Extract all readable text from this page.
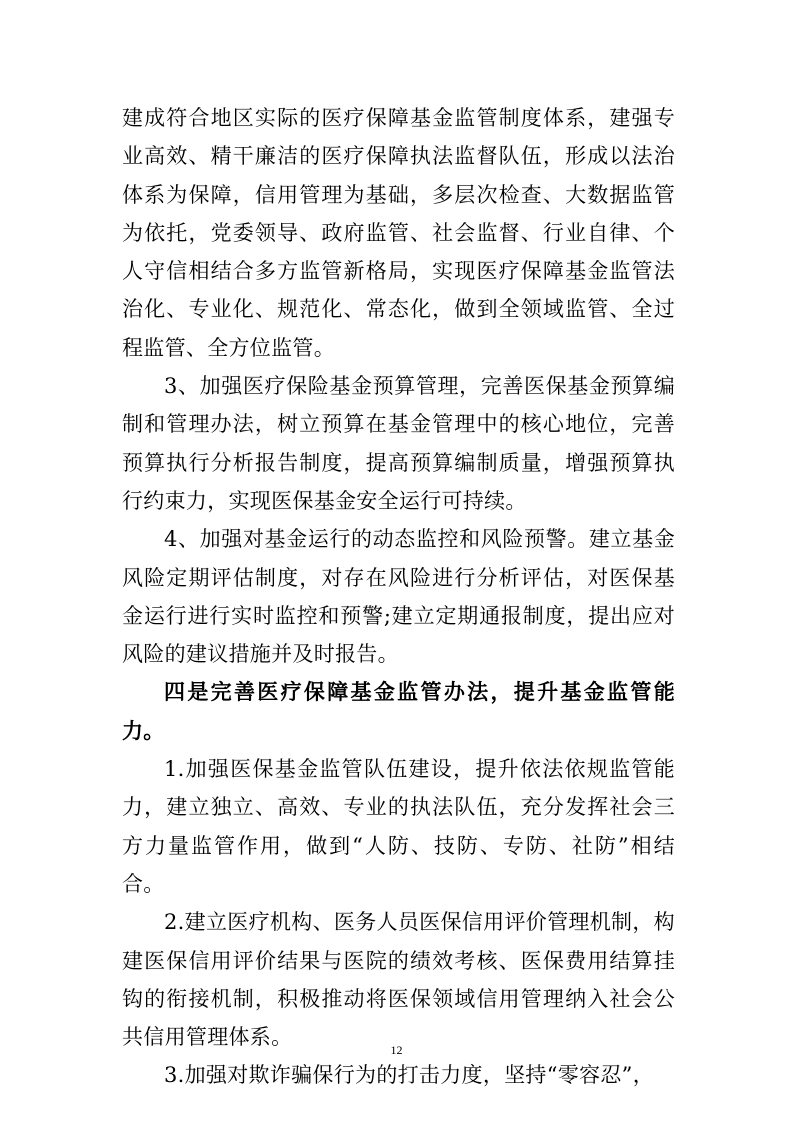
建成符合地区实际的医疗保障基金监管制度体系，建强专业高效、精干廉洁的医疗保障执法监督队伍，形成以法治体系为保障，信用管理为基础，多层次检查、大数据监管为依托，党委领导、政府监管、社会监督、行业自律、个人守信相结合多方监管新格局，实现医疗保障基金监管法治化、专业化、规范化、常态化，做到全领域监管、全过程监管、全方位监管。

3、加强医疗保险基金预算管理，完善医保基金预算编制和管理办法，树立预算在基金管理中的核心地位，完善预算执行分析报告制度，提高预算编制质量，增强预算执行约束力，实现医保基金安全运行可持续。

4、加强对基金运行的动态监控和风险预警。建立基金风险定期评估制度，对存在风险进行分析评估，对医保基金运行进行实时监控和预警;建立定期通报制度，提出应对风险的建议措施并及时报告。

四是完善医疗保障基金监管办法，提升基金监管能力。

1.加强医保基金监管队伍建设，提升依法依规监管能力，建立独立、高效、专业的执法队伍，充分发挥社会三方力量监管作用，做到“人防、技防、专防、社防”相结合。

2.建立医疗机构、医务人员医保信用评价管理机制，构建医保信用评价结果与医院的绩效考核、医保费用结算挂钩的衔接机制，积极推动将医保领域信用管理纳入社会公共信用管理体系。

3.加强对欺诈骗保行为的打击力度，坚持“零容忍”，

12
